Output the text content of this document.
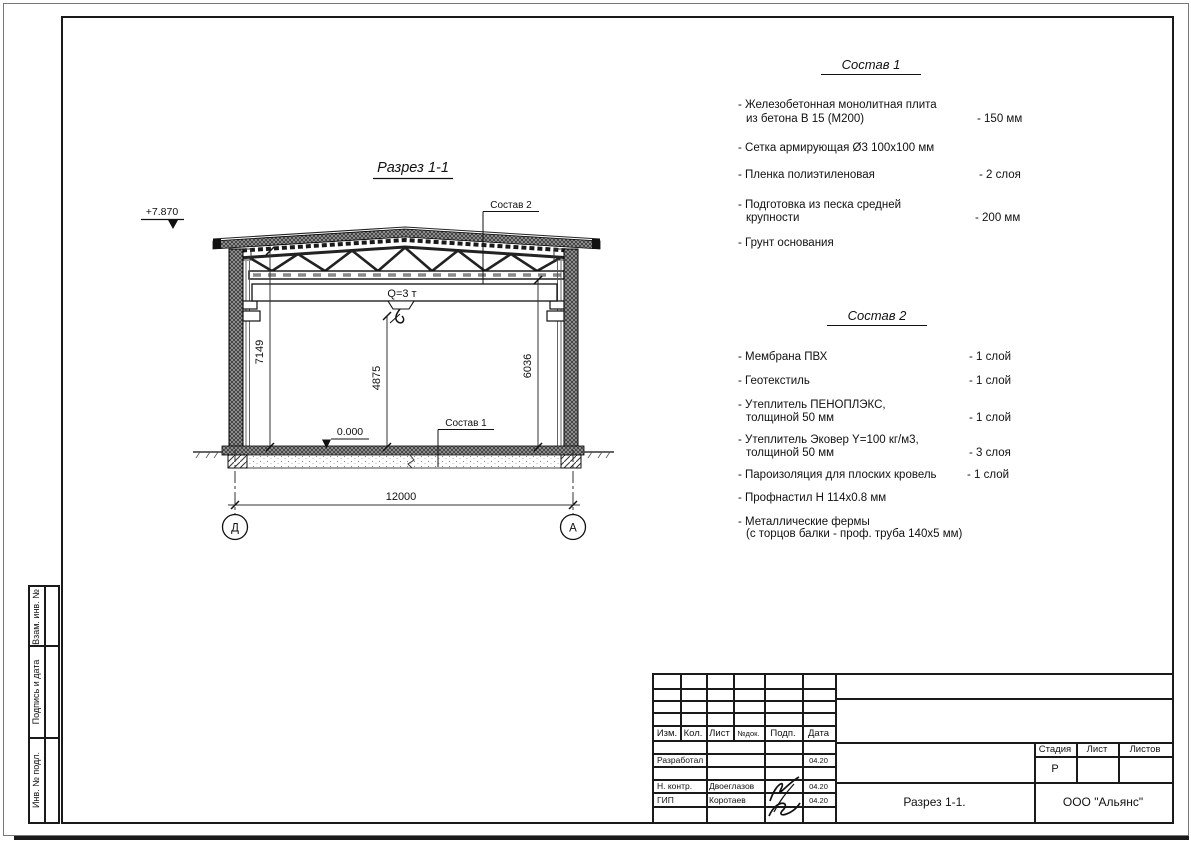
Взам. инв. №
Подпись и дата
Инв. № подл.
Разрез 1-1
+7.870
Q=3 т
0.000
Состав 2
Состав 1
7149
4875	6036
12000
Д	А
Состав 1
- Железобетонная монолитная плита
из бетона В 15 (М200)	- 150 мм
- Сетка армирующая Ø3 100х100 мм
- Пленка полиэтиленовая	- 2 слоя
- Подготовка из песка средней
крупности	- 200 мм
- Грунт основания
Состав 2
- Мембрана ПВХ	- 1 слой
- Геотекстиль	- 1 слой
- Утеплитель ПЕНОПЛЭКС,
толщиной 50 мм	- 1 слой
- Утеплитель Эковер Y=100 кг/м3,
толщиной 50 мм	- 3 слоя
- Пароизоляция для плоских кровель	- 1 слой
- Профнастил Н 114х0.8 мм
- Металлические фермы
(с торцов балки - проф. труба 140х5 мм)
Изм. Кол. Лист	№док.	Подп.	Дата
Разработал	04.20
Н. контр.	Двоеглазов	04.20
ГИП	Коротаев	04.20
Стадия	Лист	Листов
Р
Разрез 1-1.	ООО "Альянс"
